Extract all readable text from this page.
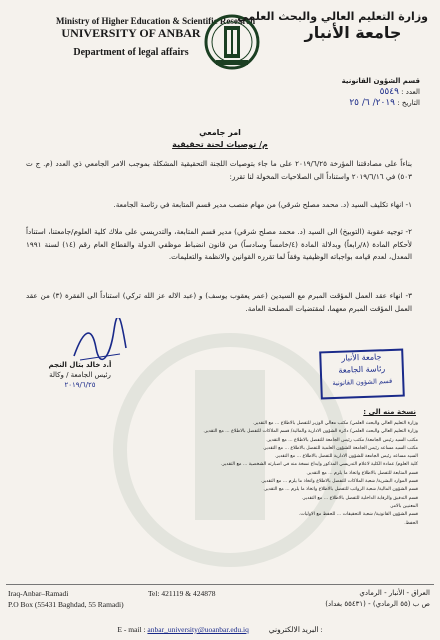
Ministry of Higher Education & Scientific Research
UNIVERSITY OF ANBAR
Department of legal affairs
وزارة التعليم العالي والبحث العلمي
جامعة الأنبار
قسم الشؤون القانونية
العدد : ٥٥٤٩
التاريخ : ٢٠١٩/ ٦/ ٢٥
امر جامعي
م/ توصيات لجنة تحقيقية
بناءاً على مصادقتنا المؤرخة ٢٠١٩/٦/٢٥ على ما جاء بتوصيات اللجنة التحقيقية المشكلة بموجب الامر الجامعي ذي العدد (م. ج ت ٥٠٣) في ٢٠١٩/٦/١٦ واستناداً الى الصلاحيات المخولة لنا تقرر:
١- انهاء تكليف السيد (د. محمد مصلح شرقي) من مهام منصب مدير قسم المتابعة في رئاسة الجامعة.
٢- توجيه عقوبة (التوبيخ) الى السيد (د. محمد مصلح شرقي) مدير قسم المتابعة، والتدريسي على ملاك كلية العلوم/جامعتنا، استناداً لأحكام المادة (٨/رابعاً) وبدلالة المادة (٤/خامساً وسادساً) من قانون انضباط موظفي الدولة والقطاع العام رقم (١٤) لسنة ١٩٩١ المعدل، لعدم قيامه بواجباته الوظيفية وفقاً لما تقرره القوانين والانظمة والتعليمات.
٣- انهاء عقد العمل المؤقت المبرم مع السيدين (عمر يعقوب يوسف) و (عبد الاله عز الله تركي) استناداً الى الفقرة (٣) من عقد العمل المؤقت المبرم معهما، لمقتضيات المصلحة العامة.
جامعة الأنبار
رئاسة الجامعة
قسم الشؤون القانونية
أ.د خالد بتال النجم
رئيس الجامعة / وكالة
٢٠١٩/٦/٢٥
نسخة منه الى :
وزارة التعليم العالي والبحث العلمي/ مكتب معالي الوزير للتفضل بالاطلاع ... مع التقدير.
وزارة التعليم العالي والبحث العلمي/ دائرة الشؤون الادارية والمالية/ قسم الملاكات للتفضل بالاطلاع ... مع التقدير.
مكتب السيد رئيس الجامعة/ مكتب رئيس الجامعة للتفضل بالاطلاع ... مع التقدير.
مكتب السيد مساعد رئيس الجامعة للشؤون العلمية للتفضل بالاطلاع ... مع التقدير.
السيد مساعد رئيس الجامعة للشؤون الادارية للتفضل بالاطلاع ... مع التقدير.
كلية العلوم/ عمادة الكلية لاعلام التدريسي المذكور وايداع نسخة منه في اضبارته الشخصية ... مع التقدير.
قسم المتابعة للتفضل بالاطلاع واتخاذ ما يلزم ... مع التقدير.
قسم الموارد البشرية/ شعبة الملاكات للتفضل بالاطلاع واتخاذ ما يلزم ... مع التقدير.
قسم الشؤون المالية/ شعبة الرواتب للتفضل بالاطلاع واتخاذ ما يلزم ... مع التقدير.
قسم التدقيق والرقابة الداخلية للتفضل بالاطلاع ... مع التقدير.
المعنيين بالامر.
قسم الشؤون القانونية/ شعبة التحقيقات ... للحفظ مع الاوليات.
الحفظ.
Iraq-Anbar–Ramadi
P.O Box (55431 Baghdad, 55 Ramadi)
Tel: 421119 & 424878	العراق - الأنبار - الرمادي
ص ب (٥٥ الرمادي) - (٥٥٤٣١ بغداد)
E - mail : anbar_university@uoanbar.edu.iq	البريد الالكتروني :
